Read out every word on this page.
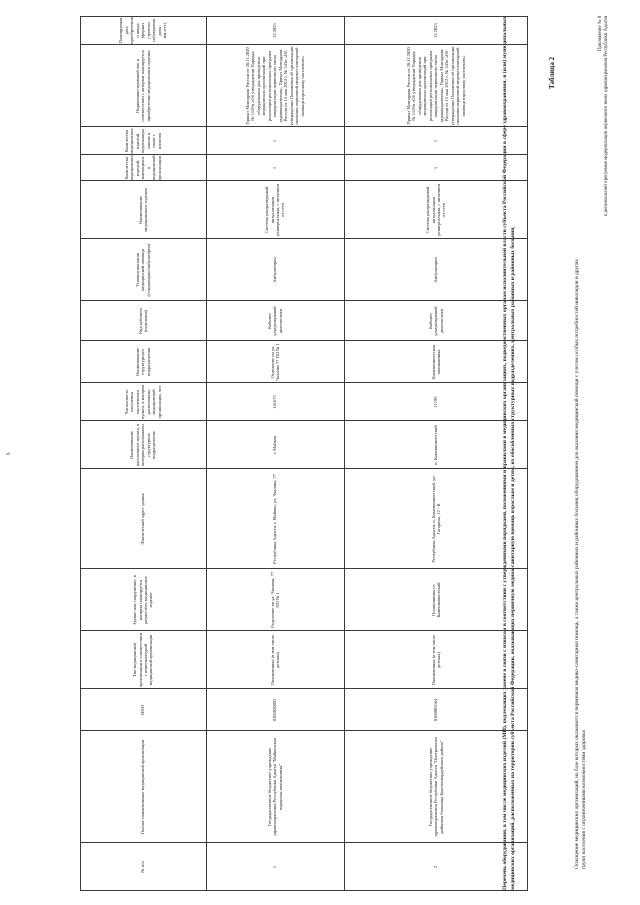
9
Приложение № 8 к региональной программе модернизации первичного звена здравоохранения Республики Адыгея
Оснащение медицинских организаций, на базе которых оказывается первичная медико-санитарная помощь, а также центральных районных и районных больниц оборудованием для оказания медицинской помощи с учетом особых потребностей инвалидов и других групп населения с ограниченными возможностями здоровья
Таблица 2
Перечень оборудования, в том числе медицинских изделий (МИ), подлежащих замене в связи с износом в соответствии с утвержденными порядками, положениями и правилами в медицинских организациях, подведомственных органам исполнительной власти субъекта Российской Федерации в сфере здравоохранения, и (или) муниципальных медицинских организаций, расположенных на территории субъекта Российской Федерации, оказывающих первичную медико-санитарную помощь взрослым и детям, их обособленных структурных подразделениях, центральных районных и районных больниц
№ п/п
Полное наименование медицинской организации
ИНН
Тип медицинской организации в соответствии с номенклатурой медицинской организации
Здание или сооружение, в котором планируется разместить медицинское изделие
Фактический адрес здания
Наименование населенного пункта, в котором расположено структурное подразделение
Численность населения населенного пункта, в котором расположено медицинской организации, чел
Наименование структурного подразделения
Вид кабинета (отделения)
Условия оказания медицинской помощи (стационарно/амбулаторно)
Наименование медицинского изделия
Количество медицинских изделий, имеющихся в медицинской организации
Количество медицинских изделий, подлежащих замене в связи с износом
Нормативно-правовой акт, в соответствии с которым планируется приобретение медицинского изделия
Планируемая дата приобретения и ввода (формат строгого соблюдения даты: мм.гггг)
1
Государственное бюджетное учреждение здравоохранения Республики Адыгея "Майкопская городская поликлиника"
0105020893
Поликлиника (в том числе детская)
Отделение по ул. Чкалова, 77 ПП № 1
Республика Адыгея, г. Майкоп, ул. Чкалова, 77
г. Майкоп
141675
Отделение по ул. Чкалова 77 ПП № 1
Кабинет ультразвуковой диагностики
Амбулаторно
Система ультразвуковой визуализации универсальная, с питанием от сети
1
1
Приказ Минздрава России от 28.11.2020 № 1159н «Об утверждении Порядка оборудования для проведения медицинских организаций при реализации региональных программ модернизации первичного звена здравоохранения», Приказ Минздрава России от 15 мая 2012 г. № 543н «Об утверждении Положения об организации оказания первичной медико-санитарной помощи взрослому населению»
12.2025
2
Государственное бюджетное учреждение здравоохранения Республики Адыгея "Центральная районная больница Красногвардейского района"
0104003564
Поликлиника (в том числе детская)
Поликлиника ст. Каменномостский
Республика Адыгея, п. Каменномостский, ул. Гагарина, 12 - В
п. Каменномостский
11199
Каменномостская поликлиника
Кабинет ультразвуковой диагностики
Амбулаторно
Система ультразвуковой визуализации универсальная, с питанием от сети
1
1
Приказ Минздрава России от 28.11.2020 № 1159н «Об утверждении Порядка оборудования для проведения медицинских организаций при реализации региональных программ модернизации первичного звена здравоохранения», Приказ Минздрава России от 15 мая 2012 г. № 543н «Об утверждении Положения об организации оказания первичной медико-санитарной помощи взрослому населению»
12.2023
